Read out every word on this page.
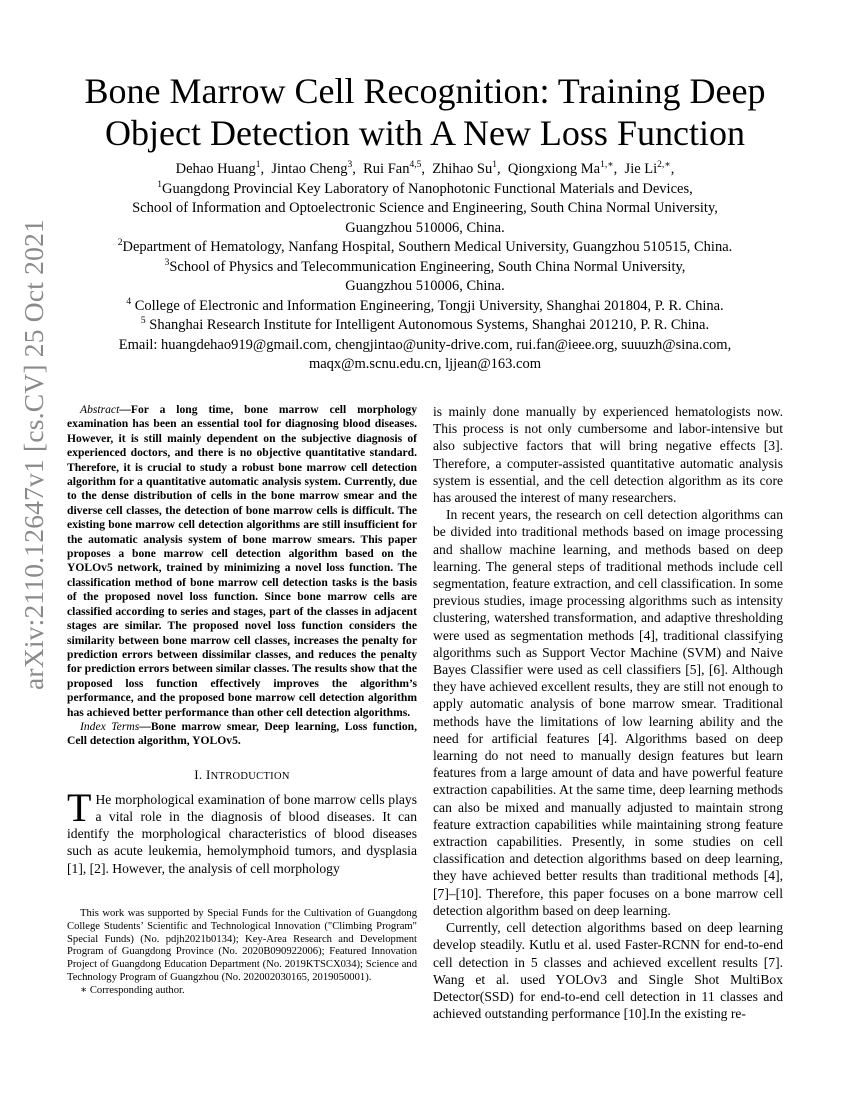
arXiv:2110.12647v1 [cs.CV] 25 Oct 2021
Bone Marrow Cell Recognition: Training Deep
Object Detection with A New Loss Function
Dehao Huang$^1$,  Jintao Cheng$^3$,  Rui Fan$^{4,5}$,  Zhihao Su$^1$,  Qiongxiong $Ma^{1,∗}$,  Jie $Li^{2,∗}$,
$^1$Guangdong Provincial Key Laboratory of Nanophotonic Functional Materials and Devices,
School of Information and Optoelectronic Science and Engineering, South China Normal University,
Guangzhou 510006, China.
$^2$Department of Hematology, Nanfang Hospital, Southern Medical University, Guangzhou 510515, China.
$^3$School of Physics and Telecommunication Engineering, South China Normal University,
Guangzhou 510006, China.
$^4$ College of Electronic and Information Engineering, Tongji University, Shanghai 201804, P. R. China.
$^5$ Shanghai Research Institute for Intelligent Autonomous Systems, Shanghai 201210, P. R. China.
Email: huangdehao919@gmail.com, chengjintao@unity-drive.com, rui.fan@ieee.org, suuuzh@sina.com,
maqx@m.scnu.edu.cn, ljjean@163.com
Abstract—For a long time, bone marrow cell morphology examination has been an essential tool for diagnosing blood diseases. However, it is still mainly dependent on the subjective diagnosis of experienced doctors, and there is no objective quantitative standard. Therefore, it is crucial to study a robust bone marrow cell detection algorithm for a quantitative automatic analysis system. Currently, due to the dense distribution of cells in the bone marrow smear and the diverse cell classes, the detection of bone marrow cells is difficult. The existing bone marrow cell detection algorithms are still insufficient for the automatic analysis system of bone marrow smears. This paper proposes a bone marrow cell detection algorithm based on the YOLOv5 network, trained by minimizing a novel loss function. The classification method of bone marrow cell detection tasks is the basis of the proposed novel loss function. Since bone marrow cells are classified according to series and stages, part of the classes in adjacent stages are similar. The proposed novel loss function considers the similarity between bone marrow cell classes, increases the penalty for prediction errors between dissimilar classes, and reduces the penalty for prediction errors between similar classes. The results show that the proposed loss function effectively improves the algorithm’s performance, and the proposed bone marrow cell detection algorithm has achieved better performance than other cell detection algorithms.
Index Terms—Bone marrow smear, Deep learning, Loss function, Cell detection algorithm, YOLOv5.
I. INTRODUCTION

T He morphological examination of bone marrow cells plays a vital role in the diagnosis of blood diseases. It can identify the morphological characteristics of blood diseases such as acute leukemia, hemolymphoid tumors, and dysplasia [1], [2]. However, the analysis of cell morphology

This work was supported by Special Funds for the Cultivation of Guangdong College Students’ Scientific and Technological Innovation ("Climbing Program" Special Funds) (No. pdjh2021b0134); Key-Area Research and Development Program of Guangdong Province (No. 2020B090922006); Featured Innovation Project of Guangdong Education Department (No. 2019KTSCX034); Science and Technology Program of Guangzhou (No. 202002030165, 2019050001).

∗ Corresponding author.

is mainly done manually by experienced hematologists now. This process is not only cumbersome and labor-intensive but also subjective factors that will bring negative effects [3]. Therefore, a computer-assisted quantitative automatic analysis system is essential, and the cell detection algorithm as its core has aroused the interest of many researchers.

In recent years, the research on cell detection algorithms can be divided into traditional methods based on image processing and shallow machine learning, and methods based on deep learning. The general steps of traditional methods include cell segmentation, feature extraction, and cell classification. In some previous studies, image processing algorithms such as intensity clustering, watershed transformation, and adaptive thresholding were used as segmentation methods [4], traditional classifying algorithms such as Support Vector Machine (SVM) and Naive Bayes Classifier were used as cell classifiers [5], [6]. Although they have achieved excellent results, they are still not enough to apply automatic analysis of bone marrow smear. Traditional methods have the limitations of low learning ability and the need for artificial features [4]. Algorithms based on deep learning do not need to manually design features but learn features from a large amount of data and have powerful feature extraction capabilities. At the same time, deep learning methods can also be mixed and manually adjusted to maintain strong feature extraction capabilities while maintaining strong feature extraction capabilities. Presently, in some studies on cell classification and detection algorithms based on deep learning, they have achieved better results than traditional methods [4], [7]–[10]. Therefore, this paper focuses on a bone marrow cell detection algorithm based on deep learning.

Currently, cell detection algorithms based on deep learning develop steadily. Kutlu et al. used Faster-RCNN for end-to-end cell detection in 5 classes and achieved excellent results [7]. Wang et al. used YOLOv3 and Single Shot MultiBox Detector(SSD) for end-to-end cell detection in 11 classes and achieved outstanding performance [10].In the existing re-
